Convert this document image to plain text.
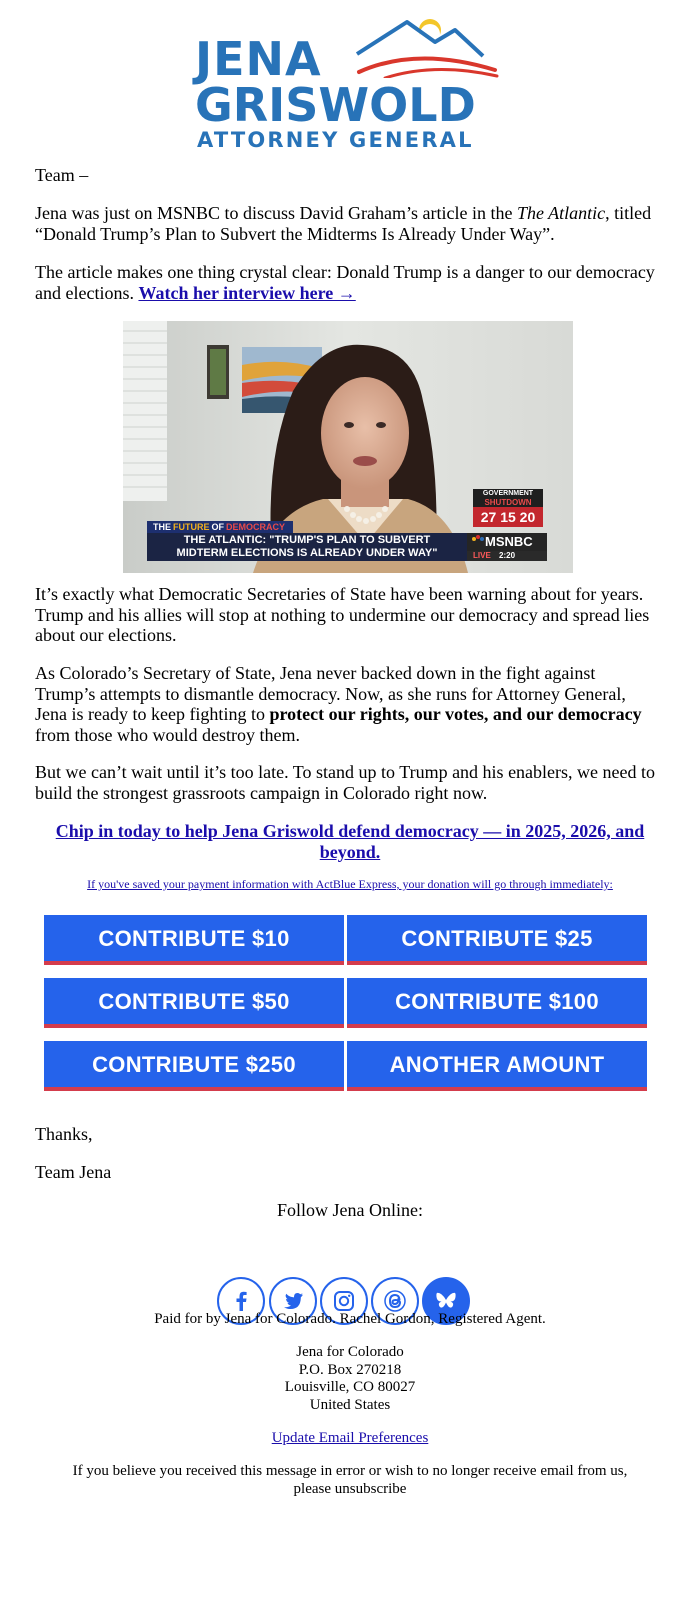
JENA
GRISWOLD
ATTORNEY GENERAL

Team –

Jena was just on MSNBC to discuss David Graham’s article in the The Atlantic, titled “Donald Trump’s Plan to Subvert the Midterms Is Already Under Way”.

The article makes one thing crystal clear: Donald Trump is a danger to our democracy and elections. Watch her interview here →

THE FUTURE OF DEMOCRACY
THE ATLANTIC: "TRUMP'S PLAN TO SUBVERT
MIDTERM ELECTIONS IS ALREADY UNDER WAY"
GOVERNMENT
SHUTDOWN
27 15 20
MSNBC
LIVE 2:20

It’s exactly what Democratic Secretaries of State have been warning about for years. Trump and his allies will stop at nothing to undermine our democracy and spread lies about our elections.

As Colorado’s Secretary of State, Jena never backed down in the fight against Trump’s attempts to dismantle democracy. Now, as she runs for Attorney General, Jena is ready to keep fighting to protect our rights, our votes, and our democracy from those who would destroy them.

But we can’t wait until it’s too late. To stand up to Trump and his enablers, we need to build the strongest grassroots campaign in Colorado right now.

Chip in today to help Jena Griswold defend democracy — in 2025, 2026, and beyond.

If you've saved your payment information with ActBlue Express, your donation will go through immediately:

CONTRIBUTE $10	CONTRIBUTE $25
CONTRIBUTE $50	CONTRIBUTE $100
CONTRIBUTE $250	ANOTHER AMOUNT

Thanks,

Team Jena

Follow Jena Online:

Paid for by Jena for Colorado. Rachel Gordon, Registered Agent.

Jena for Colorado

P.O. Box 270218

Louisville, CO 80027

United States

Update Email Preferences

If you believe you received this message in error or wish to no longer receive email from us,

please unsubscribe
